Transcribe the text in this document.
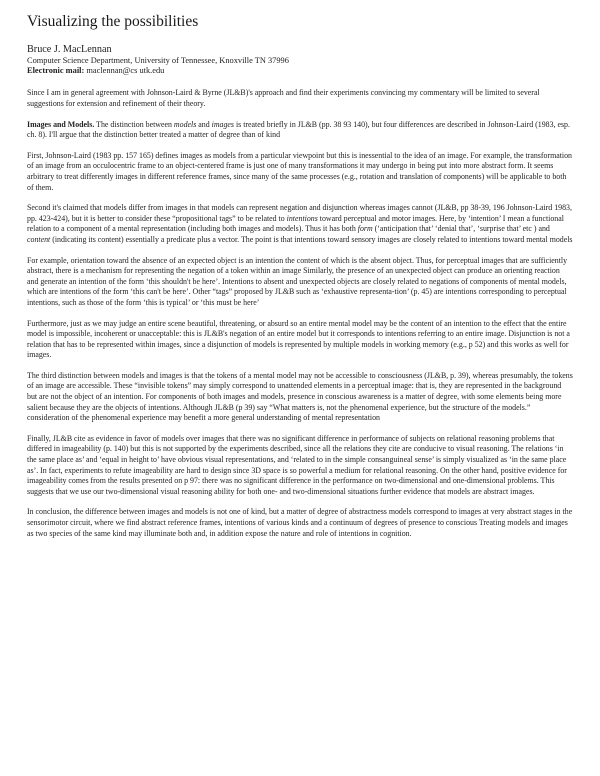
Visualizing the possibilities
Bruce J. MacLennan
Computer Science Department, University of Tennessee, Knoxville TN 37996
Electronic mail: maclennan@cs utk.edu

Since I am in general agreement with Johnson-Laird & Byrne (JL&B)'s approach and find their experiments convincing my commentary will be limited to several suggestions for extension and refinement of their theory.

Images and Models. The distinction between models and images is treated briefly in JL&B (pp. 38 93 140), but four differences are described in Johnson-Laird (1983, esp. ch. 8). I'll argue that the distinction better treated a matter of degree than of kind

First, Johnson-Laird (1983 pp. 157 165) defines images as models from a particular viewpoint but this is inessential to the idea of an image. For example, the transformation of an image from an occulocentric frame to an object-centered frame is just one of many transformations it may undergo in being put into more abstract form. It seems arbitrary to treat differently images in different reference frames, since many of the same processes (e.g., rotation and translation of components) will be applicable to both of them.

Second it's claimed that models differ from images in that models can represent negation and disjunction whereas images cannot (JL&B, pp 38-39, 196 Johnson-Laird 1983, pp. 423-424), but it is better to consider these “propositional tags” to be related to intentions toward perceptual and motor images. Here, by ‘intention’ I mean a functional relation to a component of a mental representation (including both images and models). Thus it has both form (‘anticipation that’ ‘denial that’, ‘surprise that’ etc ) and content (indicating its content) essentially a predicate plus a vector. The point is that intentions toward sensory images are closely related to intentions toward mental models

For example, orientation toward the absence of an expected object is an intention the content of which is the absent object. Thus, for perceptual images that are sufficiently abstract, there is a mechanism for representing the negation of a token within an image Similarly, the presence of an unexpected object can produce an orienting reaction and generate an intention of the form ‘this shouldn't be here’. Intentions to absent and unexpected objects are closely related to negations of components of mental models, which are intentions of the form ‘this can't be here’. Other “tags” proposed by JL&B such as ‘exhaustive representa-tion’ (p. 45) are intentions corresponding to perceptual intentions, such as those of the form ‘this is typical’ or ‘this must be here’

Furthermore, just as we may judge an entire scene beautiful, threatening, or absurd so an entire mental model may be the content of an intention to the effect that the entire model is impossible, incoherent or unacceptable: this is JL&B's negation of an entire model but it corresponds to intentions referring to an entire image. Disjunction is not a relation that has to be represented within images, since a disjunction of models is represented by multiple models in working memory (e.g., p 52) and this works as well for images.

The third distinction between models and images is that the tokens of a mental model may not be accessible to consciousness (JL&B, p. 39), whereas presumably, the tokens of an image are accessible. These “invisible tokens” may simply correspond to unattended elements in a perceptual image: that is, they are represented in the background but are not the object of an intention. For components of both images and models, presence in conscious awareness is a matter of degree, with some elements being more salient because they are the objects of intentions. Although JL&B (p 39) say “What matters is, not the phenomenal experience, but the structure of the models.” consideration of the phenomenal experience may benefit a more general understanding of mental representation

Finally, JL&B cite as evidence in favor of models over images that there was no significant difference in performance of subjects on relational reasoning problems that differed in imageability (p. 140) but this is not supported by the experiments described, since all the relations they cite are conducive to visual reasoning. The relations ‘in the same place as’ and ‘equal in height to’ have obvious visual representations, and ‘related to in the simple consanguineal sense’ is simply visualized as ‘in the same place as’. In fact, experiments to refute imageability are hard to design since 3D space is so powerful a medium for relational reasoning. On the other hand, positive evidence for imageability comes from the results presented on p 97: there was no significant difference in the performance on two-dimensional and one-dimensional problems. This suggests that we use our two-dimensional visual reasoning ability for both one- and two-dimensional situations further evidence that models are abstract images.

In conclusion, the difference between images and models is not one of kind, but a matter of degree of abstractness models correspond to images at very abstract stages in the sensorimotor circuit, where we find abstract reference frames, intentions of various kinds and a continuum of degrees of presence to conscious Treating models and images as two species of the same kind may illuminate both and, in addition expose the nature and role of intentions in cognition.
